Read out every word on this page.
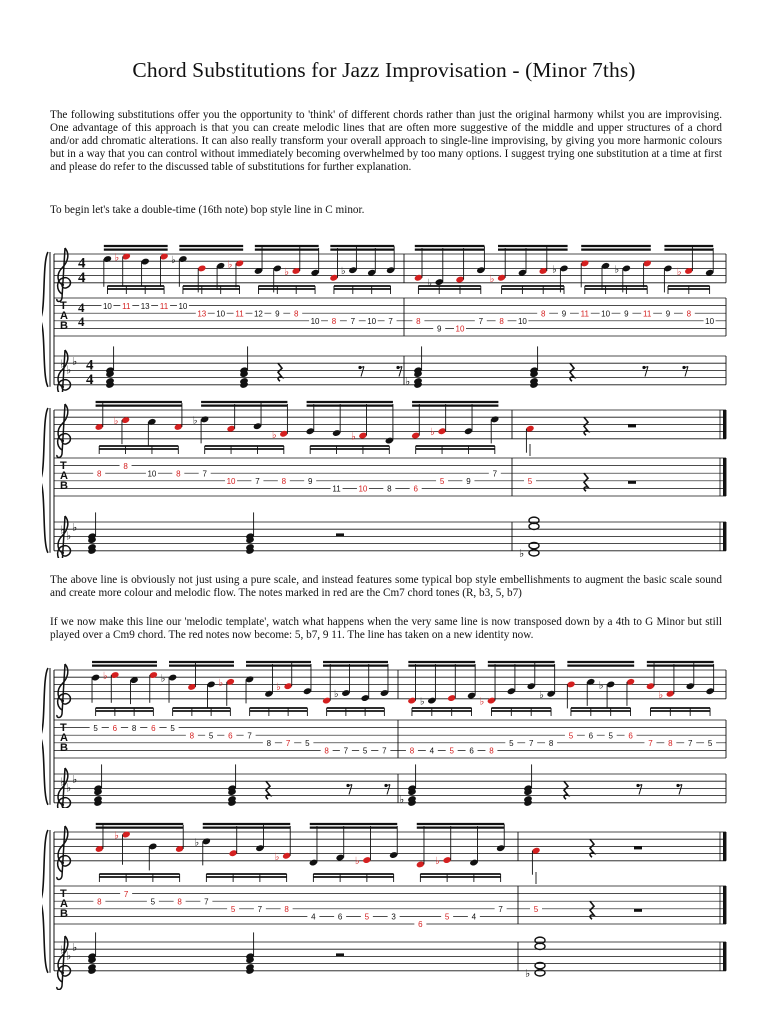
Chord Substitutions for Jazz Improvisation - (Minor 7ths)
The following substitutions offer you the opportunity to 'think' of different chords rather than just the original harmony whilst you are improvising. One advantage of this approach is that you can create melodic lines that are often more suggestive of the middle and upper structures of a chord and/or add chromatic alterations. It can also really transform your overall approach to single-line improvising, by giving you more harmonic colours but in a way that you can control without immediately becoming overwhelmed by too many options. I suggest trying one substitution at a time at first and please do refer to the discussed table of substitutions for further explanation.
To begin let's take a double-time (16th note) bop style line in C minor.
♭ ♭
♭
T
A
B
4
4
4
4
4
4
10
♭
11 13 11
♭
10
13 10
♭
11 12 9
♭
8
10 8
♭
7 10 7	8
♭
9 10
7
♭
8 10
8
♭
9 11 10
♭
9 11 9
♭
8
10
♭
♭ ♭
♭
T
A
B
8
♭
8
10 8
♭
7
10 7
♭
8	9
11
♭
10 8	6
♭
5	9
7
5
♭
The above line is obviously not just using a pure scale, and instead features some typical bop style embellishments to augment the basic scale sound and create more colour and melodic flow. The notes marked in red are the Cm7 chord tones (R, b3, 5, b7)
If we now make this line our 'melodic template', watch what happens when the very same line is now transposed down by a 4th to G Minor but still played over a Cm9 chord. The red notes now become: 5, b7, 9 11. The line has taken on a new identity now.
♭ ♭
♭
T
A
B
5
♭
6 8 6
♭
5
8 5
♭
6 7
8
♭
7 5
8
♭
7 5 7	8
♭
4 5 6
♭
8
5 7
♭
8
5 6
♭
5 6
7
♭
8 7 5
♭
♭ ♭
♭
T
A
B
8
♭
7
5	8
♭
7
5	7
♭
8
4	6
♭
5	3
6
♭
5	4
7	5
♭
